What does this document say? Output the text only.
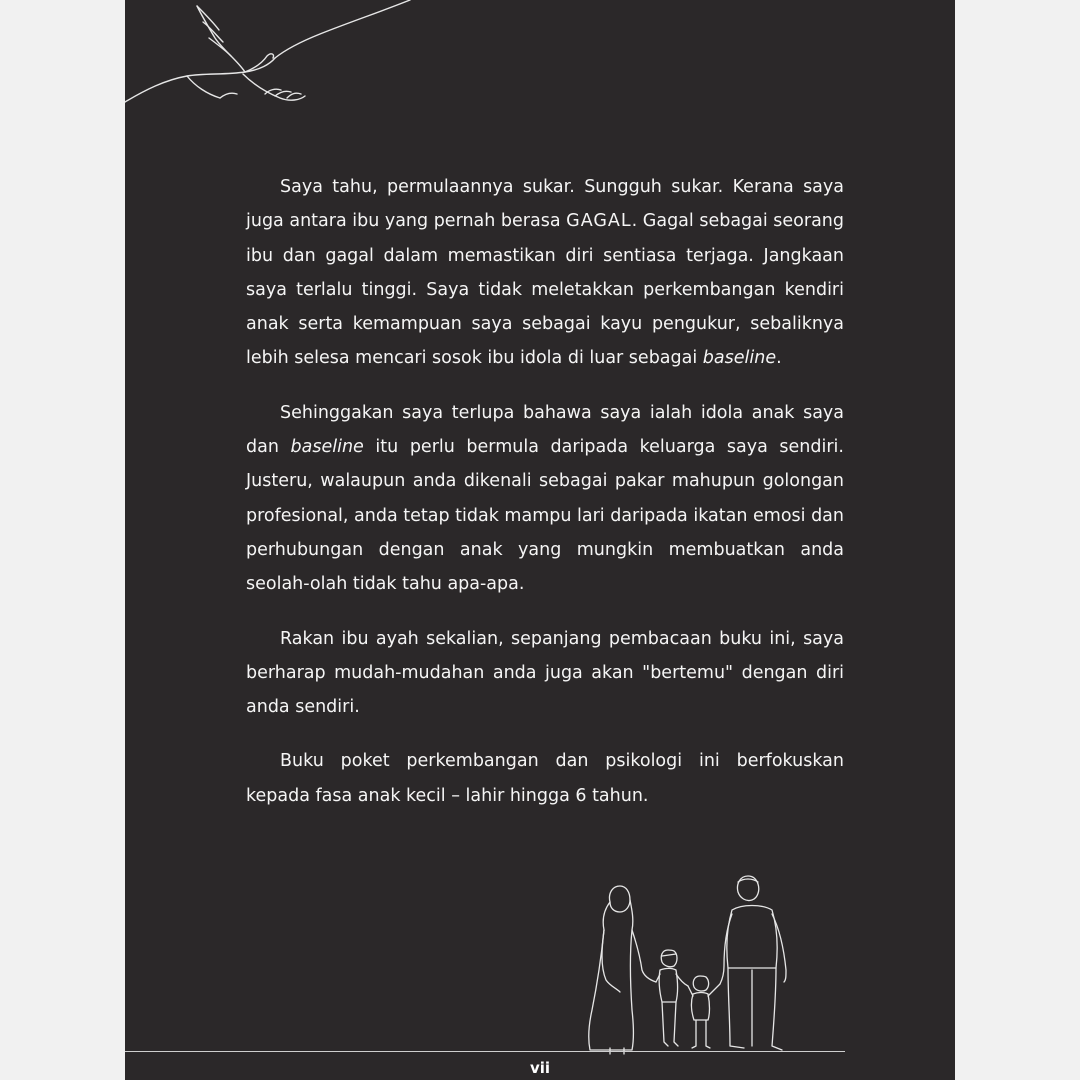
Saya tahu, permulaannya sukar. Sungguh sukar. Kerana saya juga antara ibu yang pernah berasa GAGAL. Gagal sebagai seorang ibu dan gagal dalam memastikan diri sentiasa terjaga. Jangkaan saya terlalu tinggi. Saya tidak meletakkan perkembangan kendiri anak serta kemampuan saya sebagai kayu pengukur, sebaliknya lebih selesa mencari sosok ibu idola di luar sebagai baseline.

Sehinggakan saya terlupa bahawa saya ialah idola anak saya dan baseline itu perlu bermula daripada keluarga saya sendiri. Justeru, walaupun anda dikenali sebagai pakar mahupun golongan profesional, anda tetap tidak mampu lari daripada ikatan emosi dan perhubungan dengan anak yang mungkin membuatkan anda seolah-olah tidak tahu apa-apa.

Rakan ibu ayah sekalian, sepanjang pembacaan buku ini, saya berharap mudah-mudahan anda juga akan "bertemu" dengan diri anda sendiri.

Buku poket perkembangan dan psikologi ini berfokuskan kepada fasa anak kecil – lahir hingga 6 tahun.

vii
